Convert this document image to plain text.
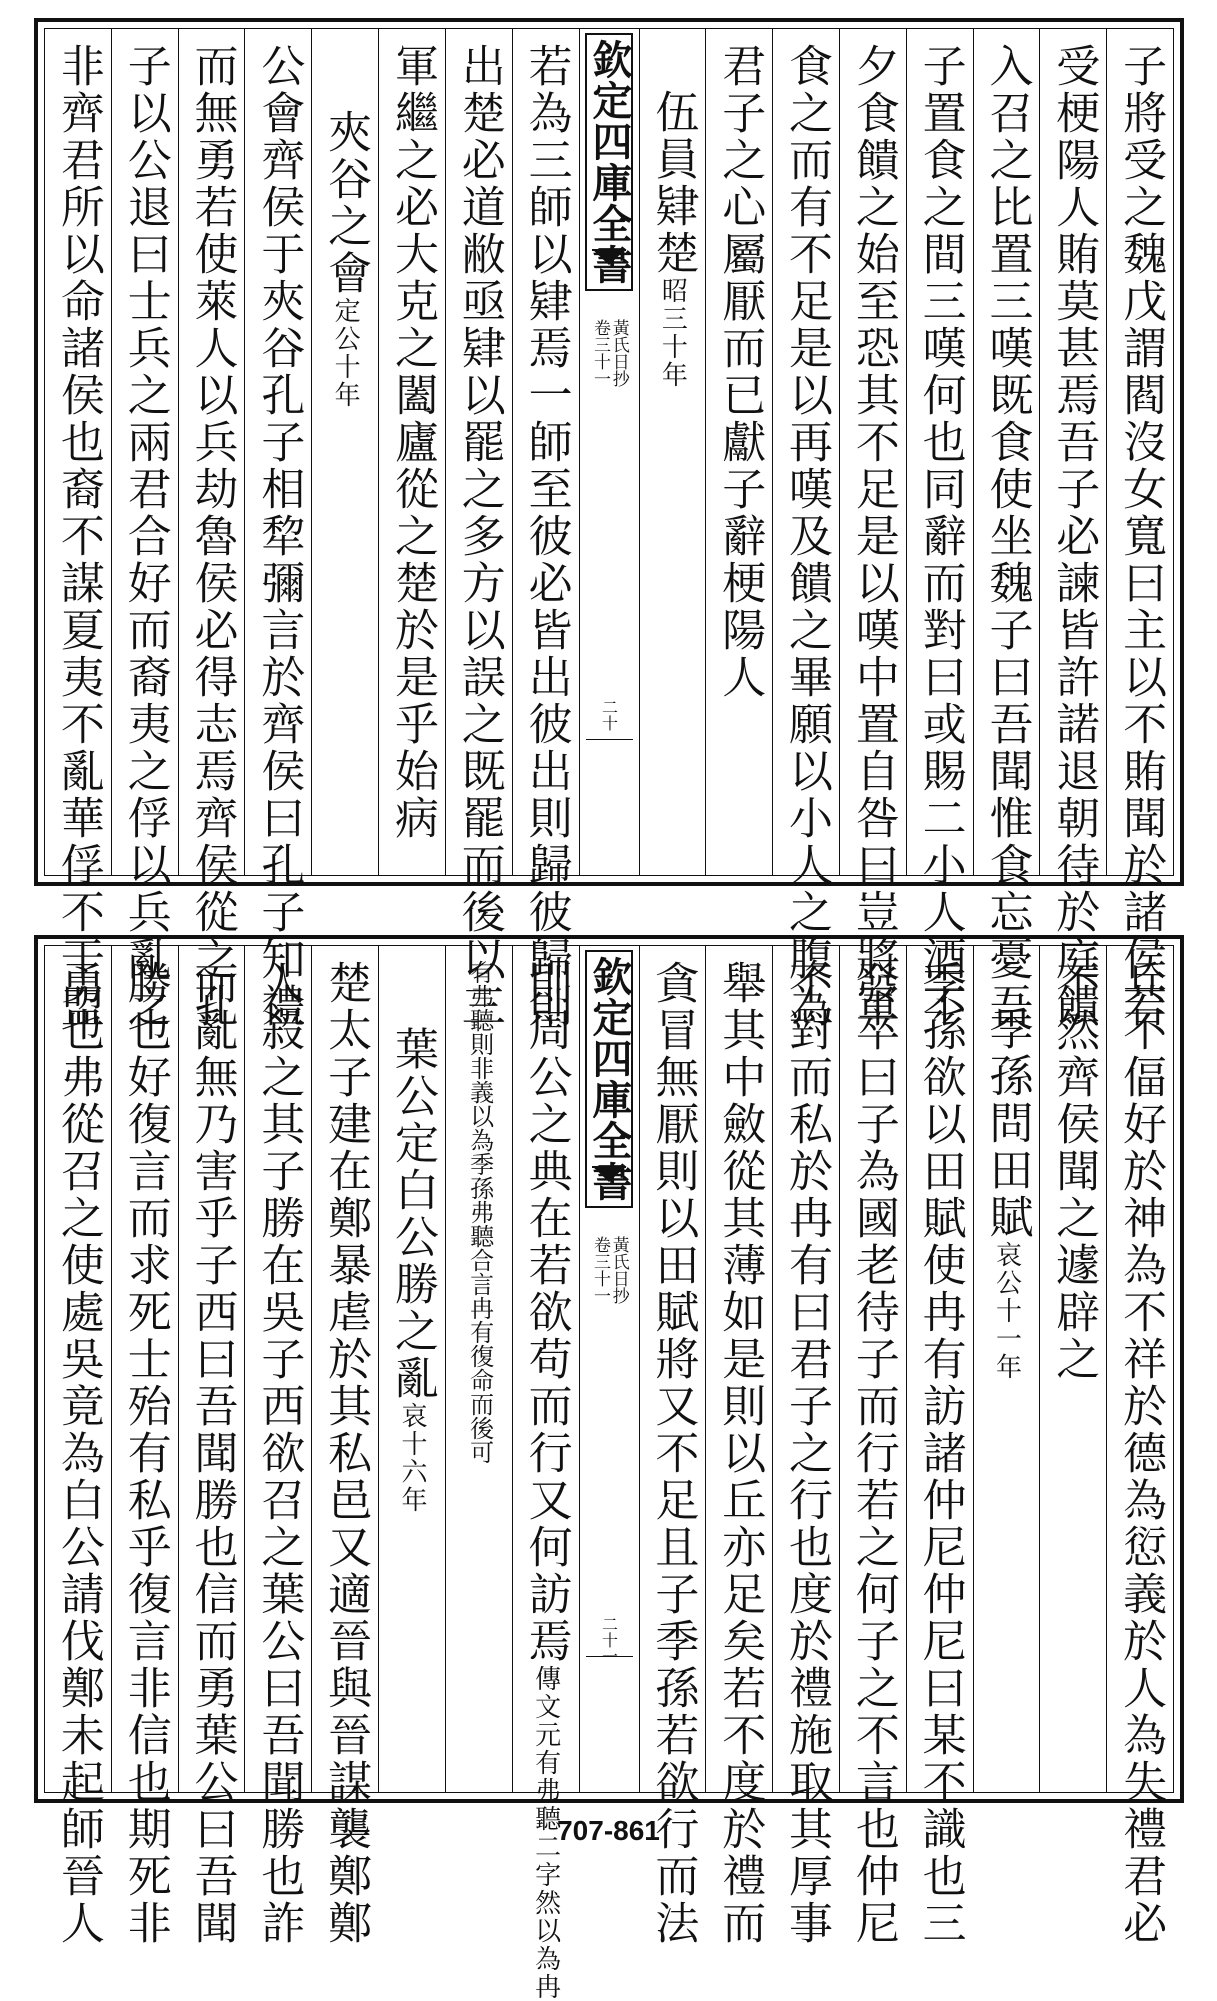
子將受之魏戊謂閻沒女寬曰主以不賄聞於諸侯若
受梗陽人賄莫甚焉吾子必諫皆許諾退朝待於庭饋
入召之比置三嘆既食使坐魏子曰吾聞惟食忘憂吾
子置食之間三嘆何也同辭而對曰或賜二小人酒不
夕食饋之始至恐其不足是以嘆中置自咎曰豈將軍
食之而有不足是以再嘆及饋之畢願以小人之腹為
君子之心屬厭而已獻子辭梗陽人
伍員肄楚昭三十年
欽定四庫全書
黃氏日抄
卷三十一
二十
若為三師以肄焉一師至彼必皆出彼出則歸彼歸則
出楚必道敝亟肄以罷之多方以誤之既罷而後以三
軍繼之必大克之闔廬從之楚於是乎始病
夾谷之會定公十年
公會齊侯于夾谷孔子相犂彌言於齊侯曰孔子知禮
而無勇若使萊人以兵劫魯侯必得志焉齊侯從之孔
子以公退曰士兵之兩君合好而裔夷之俘以兵亂之
非齊君所以命諸侯也裔不謀夏夷不亂華俘不干盟
兵不偪好於神為不祥於德為愆義於人為失禮君必
不然齊侯聞之遽辟之
季孫問田賦哀公十一年
季孫欲以田賦使冉有訪諸仲尼仲尼曰某不識也三
發卒曰子為國老待子而行若之何子之不言也仲尼
不對而私於冉有曰君子之行也度於禮施取其厚事
舉其中斂從其薄如是則以丘亦足矣若不度於禮而
貪冒無厭則以田賦將又不足且子季孫若欲行而法
欽定四庫全書
黃氏日抄
卷三十一
二十一
則周公之典在若欲苟而行又何訪焉傳文元有弗聽二字然以為冉
有弗聽則非義以為季孫弗聽合言冉有復命而後可
葉公定白公勝之亂哀十六年
楚太子建在鄭暴虐於其私邑又適晉與晉謀襲鄭鄭
人殺之其子勝在吳子西欲召之葉公曰吾聞勝也詐
而亂無乃害乎子西曰吾聞勝也信而勇葉公曰吾聞
勝也好復言而求死士殆有私乎復言非信也期死非
勇也弗從召之使處吳竟為白公請伐鄭未起師晉人	707-861
